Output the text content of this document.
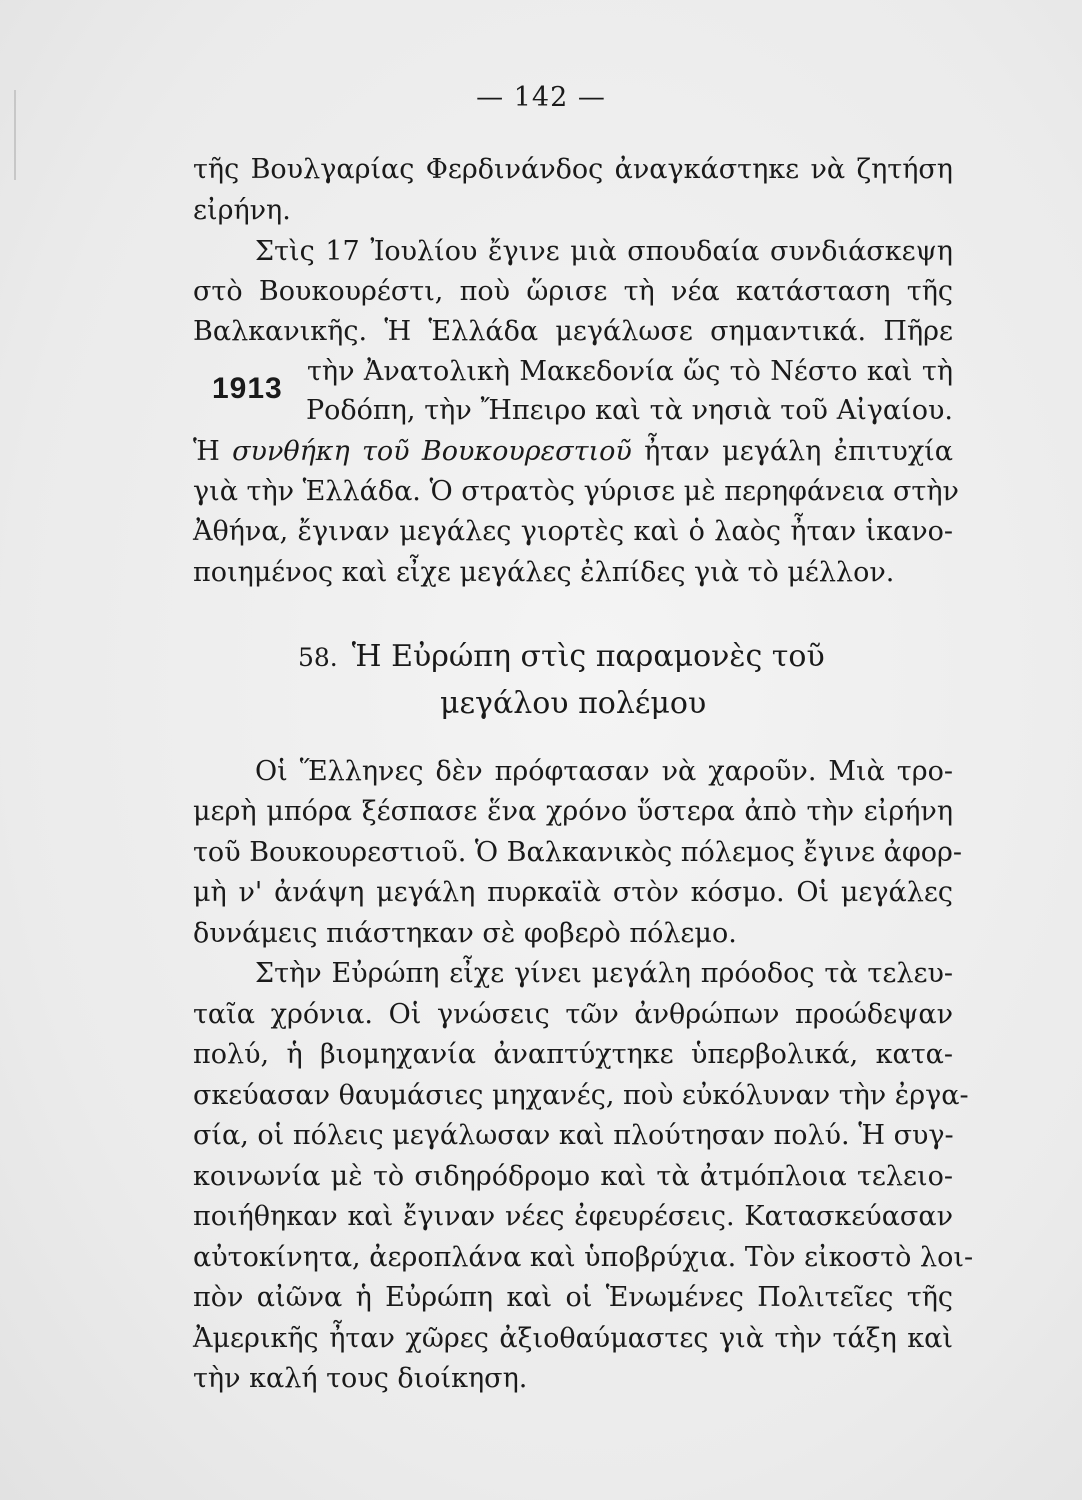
— 142 —
τῆς Βουλγαρίας Φερδινάνδος ἀναγκάστηκε νὰ ζητήση
εἰρήνη.
Στὶς 17 Ἰουλίου ἔγινε μιὰ σπουδαία συνδιάσκεψη
στὸ Βουκουρέστι, ποὺ ὥρισε τὴ νέα κατάσταση τῆς
Βαλκανικῆς. Ἡ Ἑλλάδα μεγάλωσε σημαντικά. Πῆρε
τὴν Ἀνατολικὴ Μακεδονία ὥς τὸ Νέστο καὶ τὴ
1913
Ροδόπη, τὴν Ἤπειρο καὶ τὰ νησιὰ τοῦ Αἰγαίου.
Ἡ συνθήκη τοῦ Βουκουρεστιοῦ ἦταν μεγάλη ἐπιτυχία
γιὰ τὴν Ἑλλάδα. Ὁ στρατὸς γύρισε μὲ περηφάνεια στὴν
Ἀθήνα, ἔγιναν μεγάλες γιορτὲς καὶ ὁ λαὸς ἦταν ἱκανο-
ποιημένος καὶ εἶχε μεγάλες ἐλπίδες γιὰ τὸ μέλλον.
58. Ἡ Εὐρώπη στὶς παραμονὲς τοῦ
μεγάλου πολέμου
Οἱ Ἕλληνες δὲν πρόφτασαν νὰ χαροῦν. Μιὰ τρο-
μερὴ μπόρα ξέσπασε ἕνα χρόνο ὕστερα ἀπὸ τὴν εἰρήνη
τοῦ Βουκουρεστιοῦ. Ὁ Βαλκανικὸς πόλεμος ἔγινε ἀφορ-
μὴ ν' ἀνάψη μεγάλη πυρκαϊὰ στὸν κόσμο. Οἱ μεγάλες
δυνάμεις πιάστηκαν σὲ φοβερὸ πόλεμο.
Στὴν Εὐρώπη εἶχε γίνει μεγάλη πρόοδος τὰ τελευ-
ταῖα χρόνια. Οἱ γνώσεις τῶν ἀνθρώπων προώδεψαν
πολύ, ἡ βιομηχανία ἀναπτύχτηκε ὑπερβολικά, κατα-
σκεύασαν θαυμάσιες μηχανές, ποὺ εὐκόλυναν τὴν ἐργα-
σία, οἱ πόλεις μεγάλωσαν καὶ πλούτησαν πολύ. Ἡ συγ-
κοινωνία μὲ τὸ σιδηρόδρομο καὶ τὰ ἀτμόπλοια τελειο-
ποιήθηκαν καὶ ἔγιναν νέες ἐφευρέσεις. Κατασκεύασαν
αὐτοκίνητα, ἀεροπλάνα καὶ ὑποβρύχια. Τὸν εἰκοστὸ λοι-
πὸν αἰῶνα ἡ Εὐρώπη καὶ οἱ Ἑνωμένες Πολιτεῖες τῆς
Ἀμερικῆς ἦταν χῶρες ἀξιοθαύμαστες γιὰ τὴν τάξη καὶ
τὴν καλή τους διοίκηση.
